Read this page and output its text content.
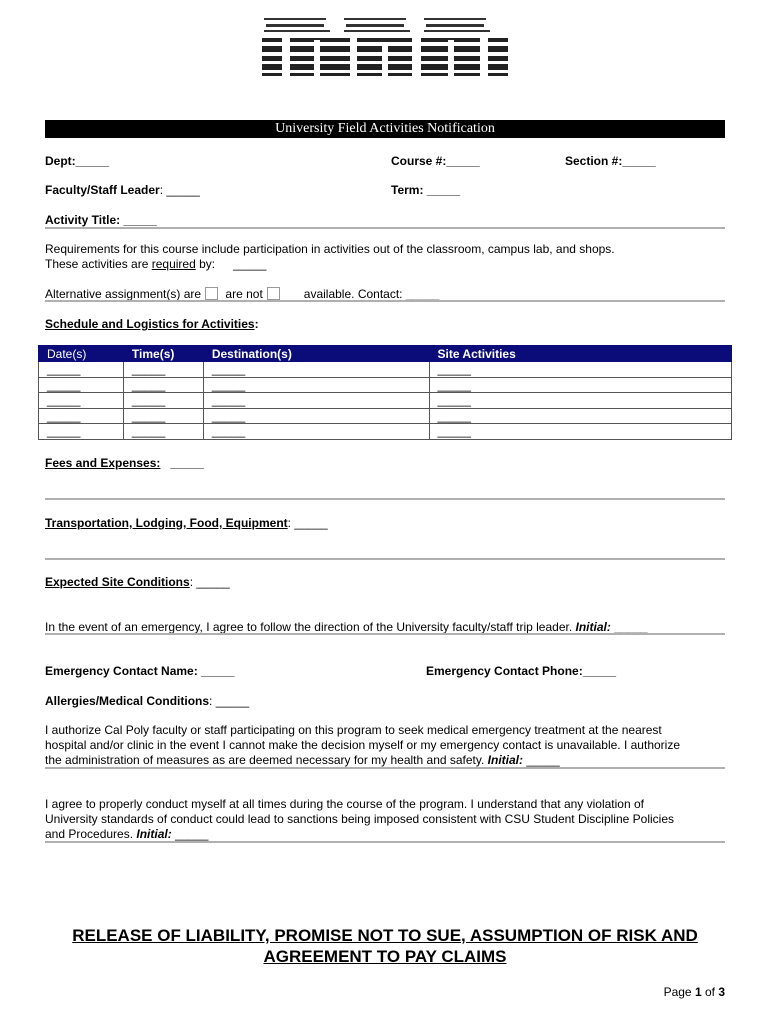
University Field Activities Notification
Dept:_____	Course #:_____	Section #:_____
Faculty/Staff Leader: _____	Term: _____
Activity Title: _____
Requirements for this course include participation in activities out of the classroom, campus lab, and shops.
These activities are required by: _____
Alternative assignment(s) are are not	available. Contact: _____
Schedule and Logistics for Activities:
Date(s)	Time(s)	Destination(s)	Site Activities
_____	_____	_____	_____
_____	_____	_____	_____
_____	_____	_____	_____
_____	_____	_____	_____
_____	_____	_____	_____
Fees and Expenses: _____
Transportation, Lodging, Food, Equipment: _____
Expected Site Conditions: _____
In the event of an emergency, I agree to follow the direction of the University faculty/staff trip leader. Initial: _____
Emergency Contact Name: _____	Emergency Contact Phone:_____
Allergies/Medical Conditions: _____
I authorize Cal Poly faculty or staff participating on this program to seek medical emergency treatment at the nearest
hospital and/or clinic in the event I cannot make the decision myself or my emergency contact is unavailable. I authorize
the administration of measures as are deemed necessary for my health and safety. Initial: _____
I agree to properly conduct myself at all times during the course of the program. I understand that any violation of
University standards of conduct could lead to sanctions being imposed consistent with CSU Student Discipline Policies
and Procedures. Initial: _____
RELEASE OF LIABILITY, PROMISE NOT TO SUE, ASSUMPTION OF RISK AND
AGREEMENT TO PAY CLAIMS
Page 1 of 3
